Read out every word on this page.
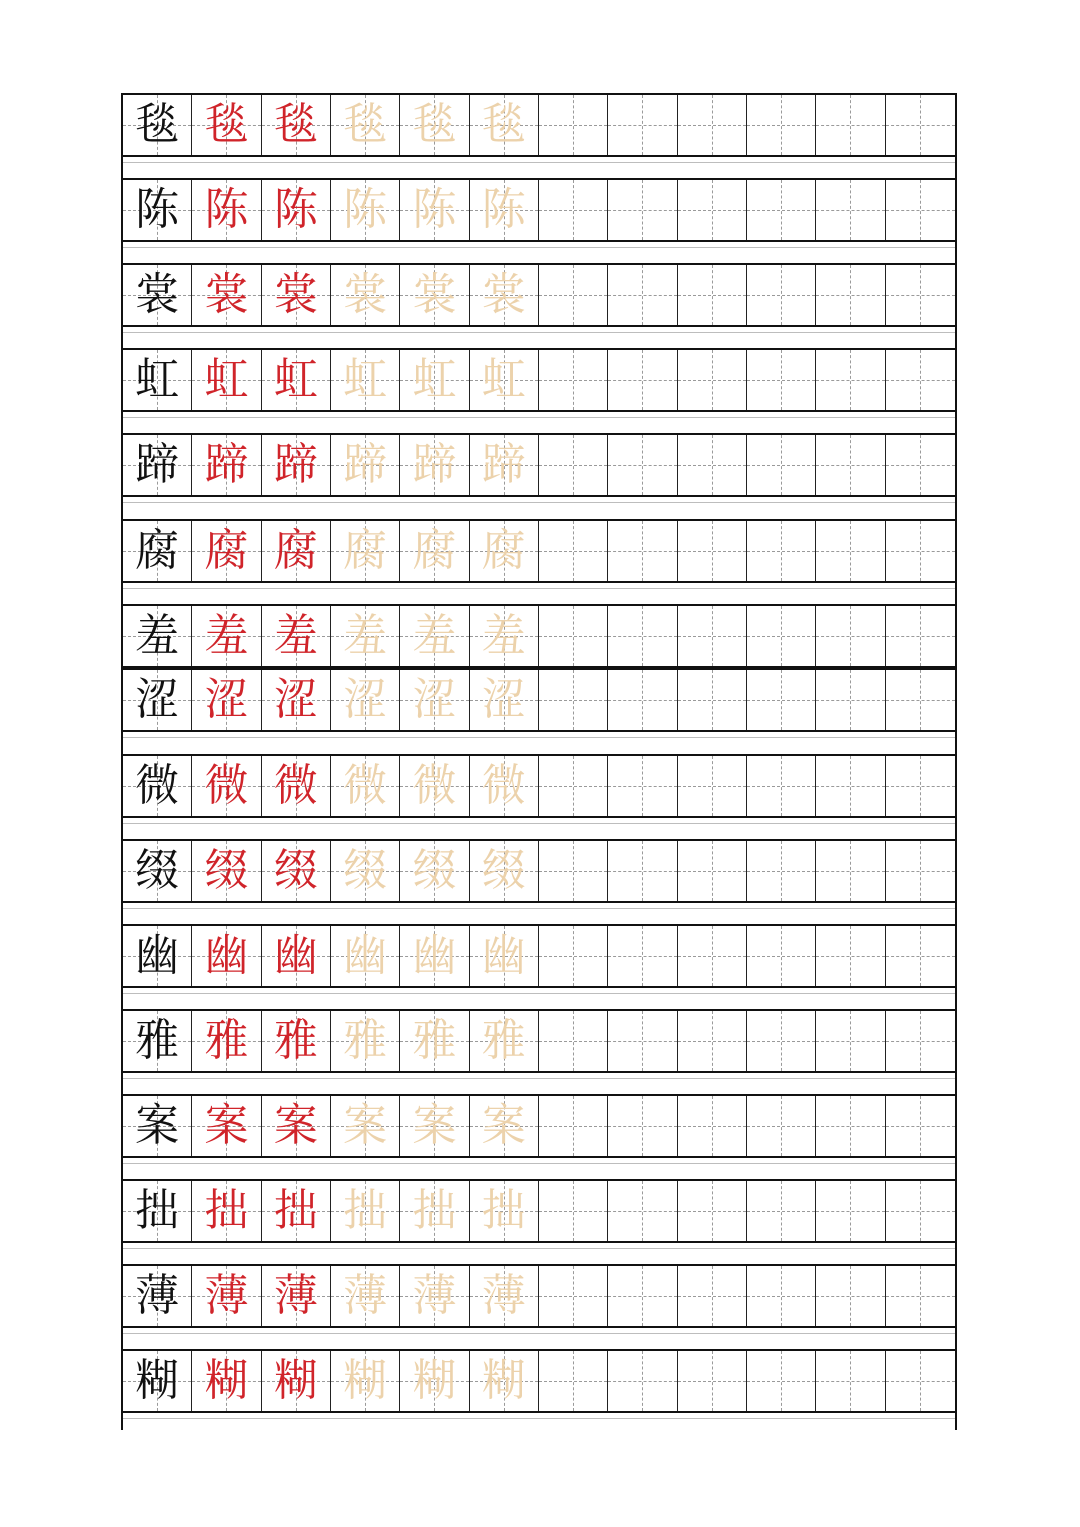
毯 毯 毯 毯 毯 毯
陈 陈 陈 陈 陈 陈
裳 裳 裳 裳 裳 裳
虹 虹 虹 虹 虹 虹
蹄 蹄 蹄 蹄 蹄 蹄
腐 腐 腐 腐 腐 腐
羞 羞 羞 羞 羞 羞
涩 涩 涩 涩 涩 涩
微 微 微 微 微 微
缀 缀 缀 缀 缀 缀
幽 幽 幽 幽 幽 幽
雅 雅 雅 雅 雅 雅
案 案 案 案 案 案
拙 拙 拙 拙 拙 拙
薄 薄 薄 薄 薄 薄
糊 糊 糊 糊 糊 糊
